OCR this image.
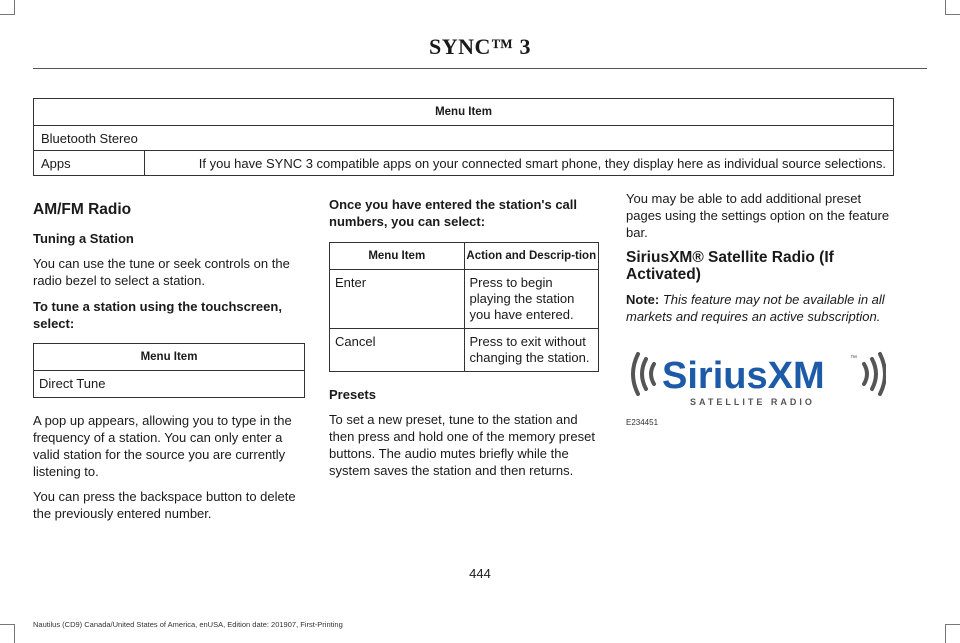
SYNC™ 3
Menu Item
Bluetooth Stereo
Apps	If you have SYNC 3 compatible apps on your connected smart phone, they display here as individual source selections.

AM/FM Radio

Tuning a Station

You can use the tune or seek controls on the radio bezel to select a station.

To tune a station using the touchscreen, select:

Menu Item
Direct Tune

A pop up appears, allowing you to type in the frequency of a station. You can only enter a valid station for the source you are currently listening to.

You can press the backspace button to delete the previously entered number.

Once you have entered the station's call numbers, you can select:

Menu Item	Action and Descrip-tion
Enter	Press to begin playing the station you have entered.
Cancel	Press to exit without changing the station.

Presets

To set a new preset, tune to the station and then press and hold one of the memory preset buttons. The audio mutes briefly while the system saves the station and then returns.

You may be able to add additional preset pages using the settings option on the feature bar.

SiriusXM® Satellite Radio (If Activated)

Note: This feature may not be available in all markets and requires an active subscription.

SiriusXM	™
SATELLITE RADIO
E234451
444
Nautilus (CD9) Canada/United States of America, enUSA, Edition date: 201907, First-Printing
